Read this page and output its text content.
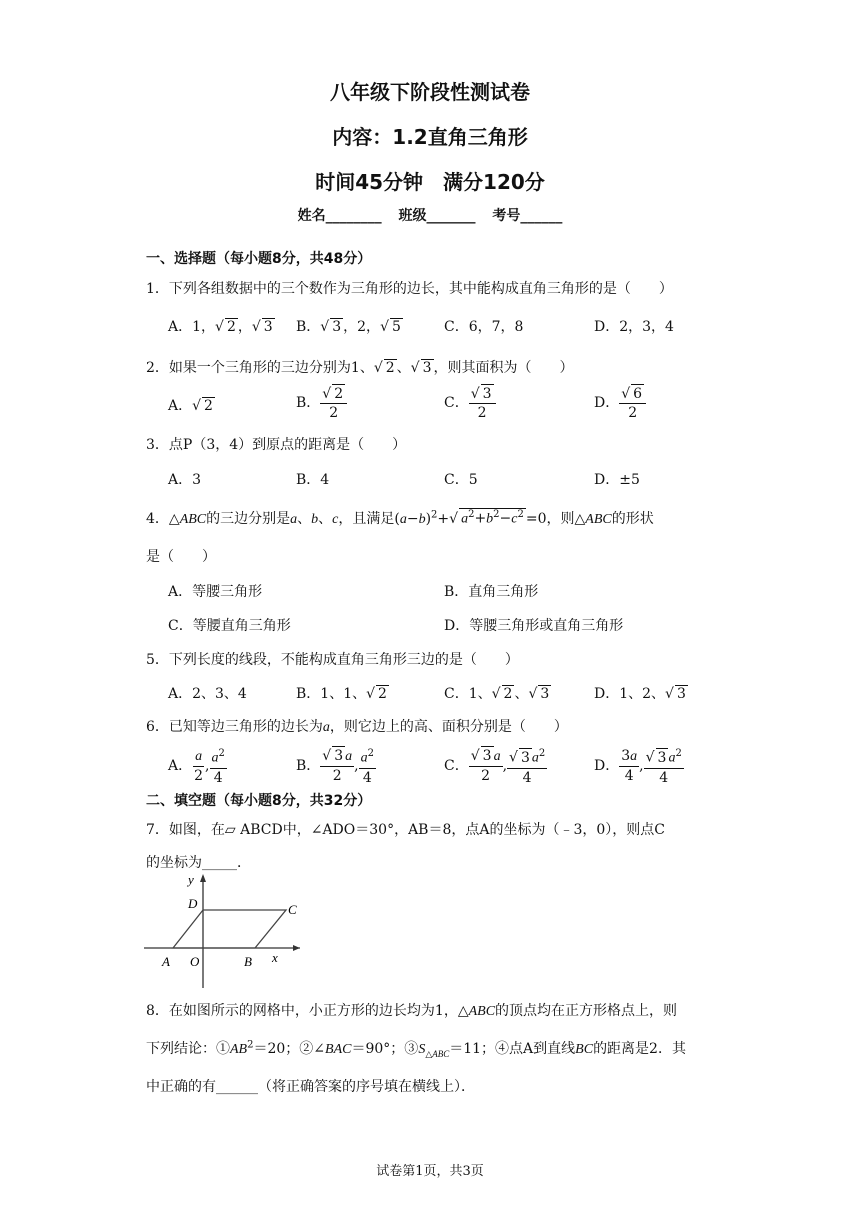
八年级下阶段性测试卷
内容：1.2直角三角形
时间45分钟　满分120分
姓名________ 班级_______ 考号______
一、选择题（每小题8分，共48分）
1．下列各组数据中的三个数作为三角形的边长，其中能构成直角三角形的是（　　）
A．1，√ 2 ，√ 3 B．√ 3 ，2，√ 5	C．6，7，8	D．2，3，4
2．如果一个三角形的三边分别为1、√ 2 、√ 3 ，则其面积为（　　）
A．√ 2	B． $\frac{√ 2}{2}$	C． $\frac{√ 3}{2}$	D． $\frac{√ 6}{2}$
3．点P（3，4）到原点的距离是（　　）
A．3	B．4	C．5	D．±5
4．△ABC的三边分别是a、b、c，且满足$(a-b)^2+√$ $a^2+b^2-c^2 =0$，则△ABC的形状
是（　　）
A．等腰三角形	B．直角三角形
C．等腰直角三角形	D．等腰三角形或直角三角形
5．下列长度的线段，不能构成直角三角形三边的是（　　）
A．2、3、4	B．1、1、√ 2	C．1、√ 2 、√ 3	D．1、2、√ 3
6．已知等边三角形的边长为a，则它边上的高、面积分别是（　　）
A． $\frac{a}{2}$ , $\frac{a^2}{4}$	B． $\frac{√ 3 a}{2}$ , $\frac{a^2}{4}$	C． $\frac{√ 3 a}{2}$ , $\frac{√ 3 a^2}{4}$	D． $\frac{3a}{4}$ , $\frac{√ 3 a^2}{4}$
二、填空题（每小题8分，共32分）
7．如图，在▱ ABCD中，∠ADO＝30°，AB＝8，点A的坐标为（﹣3，0），则点C
的坐标为_____．
y
x
D	C
A O	B
8．在如图所示的网格中，小正方形的边长均为1，△ABC的顶点均在正方形格点上，则
下列结论：$①AB^2=20$；②∠BAC＝90°；$③S_{\triangle ABC}=11$；④点A到直线BC的距离是2．其
中正确的有______（将正确答案的序号填在横线上）．
试卷第1页，共3页
